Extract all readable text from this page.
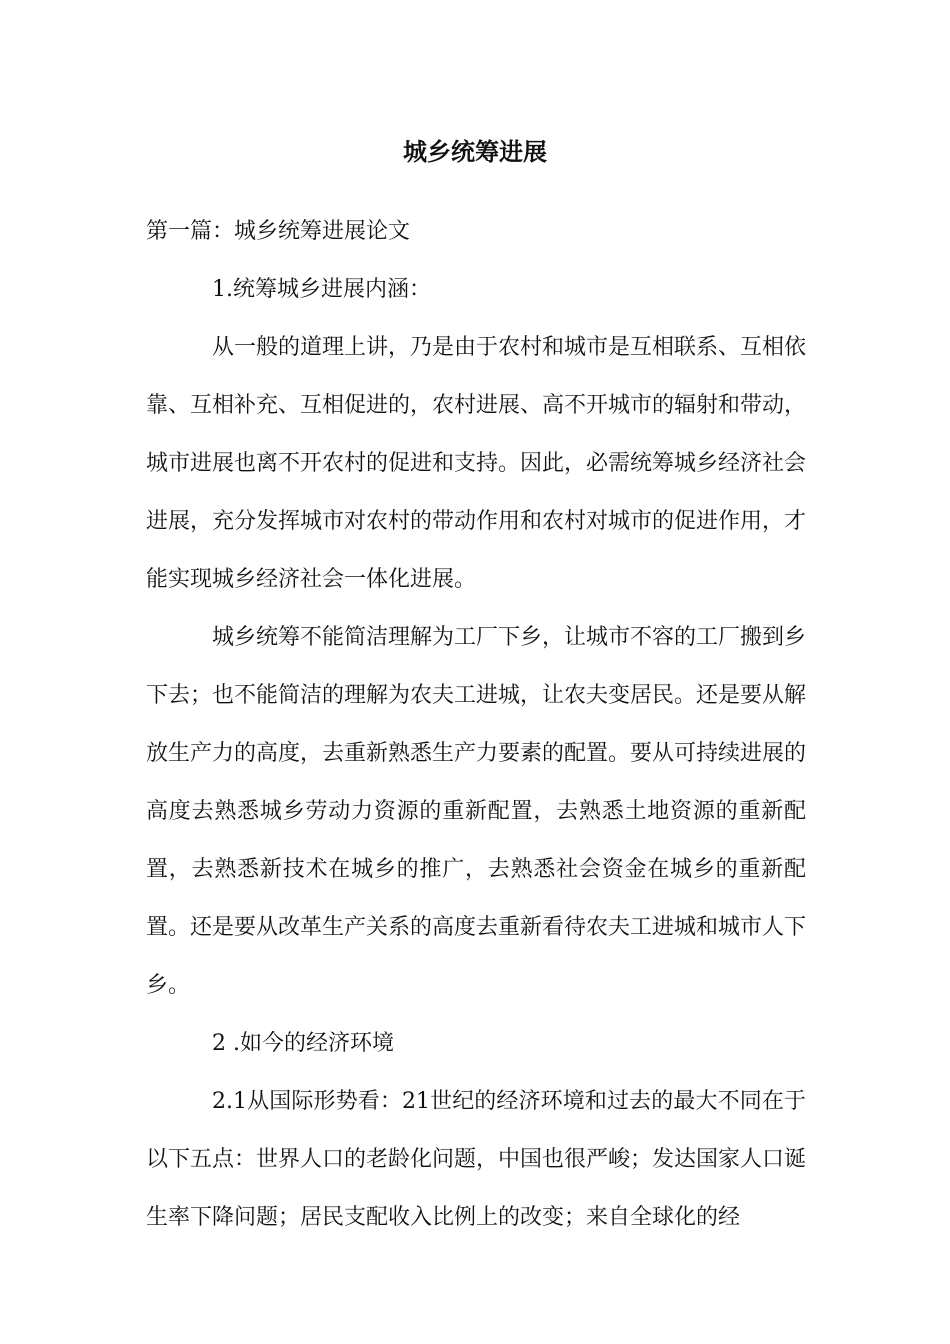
城乡统筹进展

第一篇：城乡统筹进展论文

1.统筹城乡进展内涵：

从一般的道理上讲，乃是由于农村和城市是互相联系、互相依靠、互相补充、互相促进的，农村进展、高不开城市的辐射和带动，城市进展也离不开农村的促进和支持。因此，必需统筹城乡经济社会进展，充分发挥城市对农村的带动作用和农村对城市的促进作用，才能实现城乡经济社会一体化进展。

城乡统筹不能简洁理解为工厂下乡，让城市不容的工厂搬到乡下去；也不能简洁的理解为农夫工进城，让农夫变居民。还是要从解放生产力的高度，去重新熟悉生产力要素的配置。要从可持续进展的高度去熟悉城乡劳动力资源的重新配置，去熟悉土地资源的重新配置，去熟悉新技术在城乡的推广，去熟悉社会资金在城乡的重新配置。还是要从改革生产关系的高度去重新看待农夫工进城和城市人下乡。

2 .如今的经济环境

2.1从国际形势看：21世纪的经济环境和过去的最大不同在于以下五点：世界人口的老龄化问题，中国也很严峻；发达国家人口诞生率下降问题；居民支配收入比例上的改变；来自全球化的经
